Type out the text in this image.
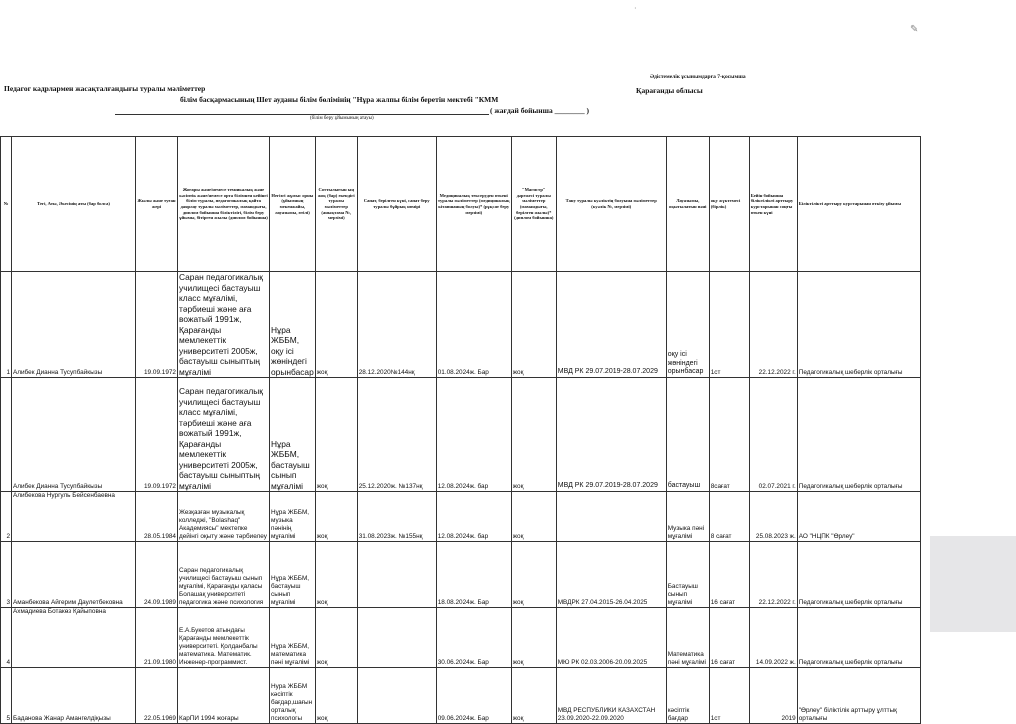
·
✎
Әдістемелік ұсынымдарға 7-қосымша
Педагог кадрлармен жасақталғандығы туралы мәліметтер	Қарағанды облысы
білім басқармасының Шет ауданы білім бөлімінің "Нұра жалпы білім беретін мектебі "КММ
( жағдай бойынша ________ )
(білім беру ұйымының атауы)
№	Тегі, Аты, Әкесінің аты (бар болса)	Жылы және туған жері	Жоғары және/немесе техникалық және кәсіптік және/немесе орта білімнен кейінгі білім туралы, педагогикалық қайта даярлау туралы мәліметтер, мамандығы, диплом бойынша біліктілігі, білім беру ұйымы, бітірген жылы (диплом бойынша)	Негізгі жұмыс орны (ұйымның мекенжайы, лауазымы, өтілі)	Соттылығын ың жоқ (бар) екендігі туралы мәліметтер (анықтама №, мерзімі)	Сапат, берілген күні, сапат беру туралы бұйрық нөмірі	Медициналық тексеруден өткені туралы мәліметтер (медициналық кітапшаның болуы)* (рұқсат беру мерзімі)	"Магистр" дәрежесі туралы мәліметтер (мамандығы, берілген жылы)* (диплом бойынша)	Тану туралы куәліктің болуына мәліметтер (куәлік №, мерзімі)	Лауазымы, оқытылатын пәні	оқу жүктемесі (бірлік)	Бейін бойынша біліктілікті арттыру курстарынан соңғы өткен күні	Біліктілікті арттыру курстарынан өткізу ұйымы
1	Алибек Дианна Тусупбайкызы	19.09.1972	Саран педагогикалық училищесі бастауыш класс мұғалімі, тәрбиеші және аға вожатый 1991ж, Қарағанды мемлекеттік университеті 2005ж, бастауыш сыныптың мұғалімі	Нұра ЖББМ, оқу ісі жөніндегі орынбасар	жоқ	28.12.2020№144нқ	01.08.2024ж. Бар	жоқ	МВД РК 29.07.2019-28.07.2029	оқу ісі жөніндегі орынбасар	1ст	22.12.2022 г.	Педагогикалық шеберлік орталығы
	Алибек Дианна Тусупбайкызы	19.09.1972	Саран педагогикалық училищесі бастауыш класс мұғалімі, тәрбиеші және аға вожатый 1991ж, Қарағанды мемлекеттік университеті 2005ж, бастауыш сыныптың мұғалімі	Нұра ЖББМ, бастауыш сынып мұғалімі	жоқ	25.12.2020ж. №137нқ	12.08.2024ж. бар	жоқ	МВД РК 29.07.2019-28.07.2029	бастауыш	8сағат	02.07.2021 г.	Педагогикалық шеберлік орталығы
2	Алибекова Нургуль Бейсенбаевна	28.05.1984	Жезқазған музыкалық колледжі, "Bolashaq" Академиясы" мектепке дейінгі оқыту және тәрбиелеу	Нұра ЖББМ, музыка пәнінің мұғалімі	жоқ	31.08.2023ж. №155нқ	12.08.2024ж. бар	жоқ		Музыка пәні мұғалімі	8 сағат	25.08.2023 ж.	АО "НЦПК "Өрлеу"
3	Аманбекова Айгерим Даулетбековна	24.09.1989	Саран педагогикалық училищесі бастауыш сынып мұғалімі, Қарағанды қаласы Болашақ университеті педагогика және психология	Нұра ЖББМ, бастауыш сынып мұғалімі	жоқ		18.08.2024ж. Бар	жоқ	МВДРК 27.04.2015-26.04.2025	Бастауыш сынып мұғалімі	16 сағат	22.12.2022 г.	Педагогикалық шеберлік орталығы
4	Ахмадиева Ботакөз Қайыповна	21.09.1980	Е.А.Букетов атындағы Қарағанды мемлекеттік университеті. Қолданбалы математика. Математик. Инженер-программист.	Нұра ЖББМ, математика пәні мұғалімі	жоқ		30.06.2024ж. Бар	жоқ	МЮ РК 02.03.2006-20.09.2025	Математика пәні мұғалімі	16 сағат	14.09.2022 ж.	Педагогикалық шеберлік орталығы
5	Баданова Жанар Амангелдіқызы	22.05.1969	КарПИ 1994 жоғары	Нура ЖББМ кәсіптік бағдар,шағын орталық психологы	жоқ		09.06.2024ж. Бар	жоқ	МВД РЕСПУБЛИКИ КАЗАХСТАН 23.09.2020-22.09.2020	кәсіптік бағдар	1ст	2019	"Өрлеу" біліктілік арттыру ұлттық орталығы
